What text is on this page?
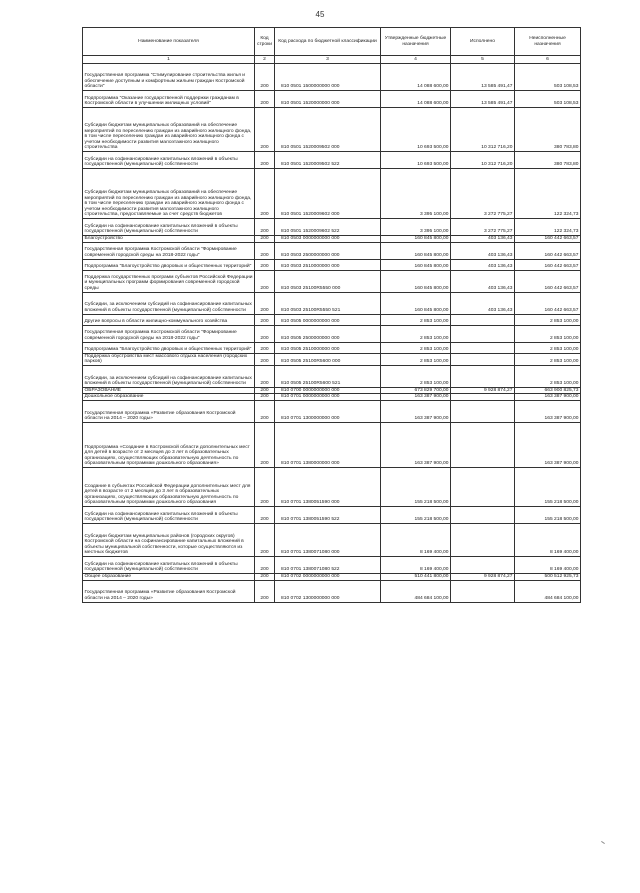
45
Наименование показателя	Код строки	Код расхода по бюджетной классификации	Утвержденные бюджетные назначения	Исполнено	Неисполненные назначения
1	2	3	4	5	6
Государственная программа "Стимулирование строительства жилья и обеспечение доступным и комфортным жильем граждан Костромской области"	200	810 0501 1500000000 000	14 088 600,00	13 585 491,47	503 108,53
Подпрограмма "Оказание государственной поддержки гражданам в Костромской области в улучшении жилищных условий"	200	810 0501 1520000000 000	14 088 600,00	13 585 491,47	503 108,53
Субсидии бюджетам муниципальных образований на обеспечение мероприятий по переселению граждан из аварийного жилищного фонда, в том числе переселению граждан из аварийного жилищного фонда с учетом необходимости развития малоэтажного жилищного строительства	200	810 0501 1520009502 000	10 693 500,00	10 312 716,20	380 783,80
Субсидии на софинансирование капитальных вложений в объекты государственной (муниципальной) собственности	200	810 0501 1520009502 522	10 693 500,00	10 312 716,20	380 783,80
Субсидии бюджетам муниципальных образований на обеспечение мероприятий по переселению граждан из аварийного жилищного фонда, в том числе переселению граждан из аварийного жилищного фонда с учетом необходимости развития малоэтажного жилищного строительства, предоставляемые за счет средств бюджетов	200	810 0501 1520009602 000	3 395 100,00	3 272 775,27	122 324,73
Субсидии на софинансирование капитальных вложений в объекты государственной (муниципальной) собственности	200	810 0501 1520009602 522	3 395 100,00	3 272 775,27	122 324,73
Благоустройство	200	810 0503 0000000000 000	160 845 800,00	403 136,43	160 442 663,57
Государственная программа Костромской области "Формирование современной городской среды на 2018-2022 годы"	200	810 0503 2500000000 000	160 845 800,00	403 136,43	160 442 663,57
Подпрограмма "Благоустройство дворовых и общественных территорий"	200	810 0503 2510000000 000	160 845 800,00	403 136,43	160 442 663,57
Поддержка государственных программ субъектов Российской Федерации и муниципальных программ формирования современной городской среды	200	810 0503 25100R5550 000	160 845 800,00	403 136,43	160 442 663,57
Субсидии, за исключением субсидий на софинансирование капитальных вложений в объекты государственной (муниципальной) собственности	200	810 0503 25100R5550 521	160 845 800,00	403 136,43	160 442 663,57
Другие вопросы в области жилищно-коммунального хозяйства	200	810 0505 0000000000 000	2 853 100,00		2 853 100,00
Государственная программа Костромской области "Формирование современной городской среды на 2018-2022 годы"	200	810 0505 2500000000 000	2 853 100,00		2 853 100,00
Подпрограмма "Благоустройство дворовых и общественных территорий"	200	810 0505 2510000000 000	2 853 100,00		2 853 100,00
Поддержка обустройства мест массового отдыха населения (городских парков)	200	810 0505 25100R5600 000	2 853 100,00		2 853 100,00
Субсидии, за исключением субсидий на софинансирование капитальных вложений в объекты государственной (муниципальной) собственности	200	810 0505 25100R5600 521	2 853 100,00		2 853 100,00
ОБРАЗОВАНИЕ	200	810 0700 0000000000 000	673 829 700,00	9 928 874,27	663 900 825,73
Дошкольное образование	200	810 0701 0000000000 000	163 387 900,00		163 387 900,00
Государственная программа «Развитие образования Костромской области на 2014 – 2020 годы»	200	810 0701 1300000000 000	163 387 900,00		163 387 900,00
Подпрограмма «Создание в Костромской области дополнительных мест для детей в возрасте от 2 месяцев до 3 лет в образовательных организациях, осуществляющих образовательную деятельность по образовательным программам дошкольного образования»	200	810 0701 1380000000 000	163 387 900,00		163 387 900,00
Создание в субъектах Российской Федерации дополнительных мест для детей в возрасте от 2 месяцев до 3 лет в образовательных организациях, осуществляющих образовательную деятельность по образовательным программам дошкольного образования	200	810 0701 1380051590 000	155 218 500,00		155 218 500,00
Субсидии на софинансирование капитальных вложений в объекты государственной (муниципальной) собственности	200	810 0701 1380051590 522	155 218 500,00		155 218 500,00
Субсидии бюджетам муниципальных районов (городских округов) Костромской области на софинансирование капитальных вложений в объекты муниципальной собственности, которые осуществляются из местных бюджетов	200	810 0701 1380071080 000	8 169 400,00		8 169 400,00
Субсидии на софинансирование капитальных вложений в объекты государственной (муниципальной) собственности	200	810 0701 1380071080 522	8 169 400,00		8 169 400,00
Общее образование	200	810 0702 0000000000 000	510 441 800,00	9 928 874,27	500 512 925,73
Государственная программа «Развитие образования Костромской области на 2014 – 2020 годы»	200	810 0702 1300000000 000	484 684 100,00		484 684 100,00
